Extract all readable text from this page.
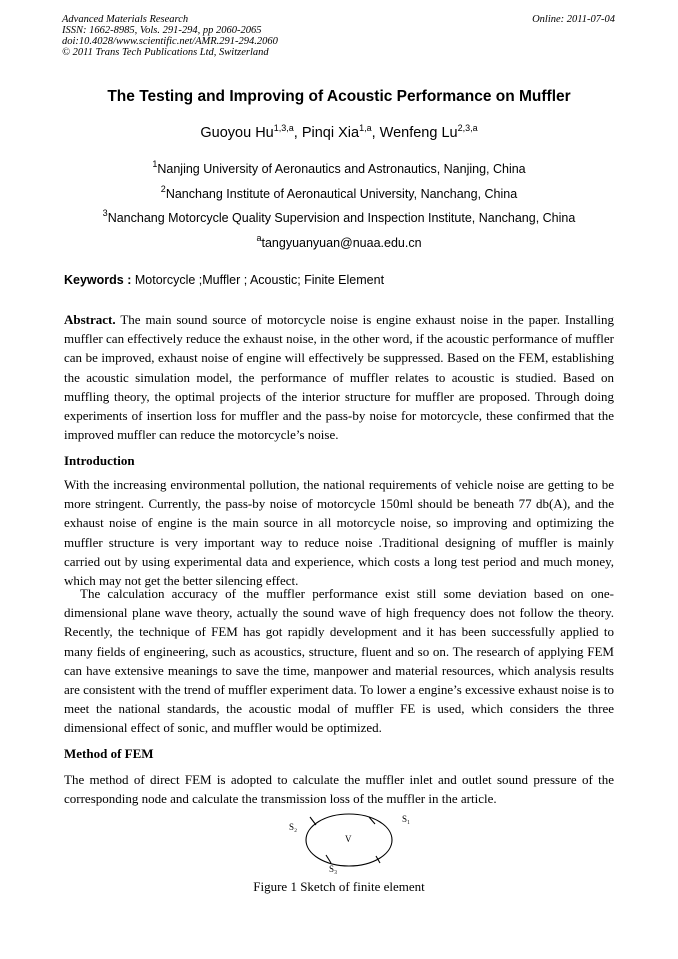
Advanced Materials Research
ISSN: 1662-8985, Vols. 291-294, pp 2060-2065
doi:10.4028/www.scientific.net/AMR.291-294.2060
© 2011 Trans Tech Publications Ltd, Switzerland
Online: 2011-07-04
The Testing and Improving of Acoustic Performance on Muffler
Guoyou Hu$^{1,3,a}$, Pinqi Xia$^{1,a}$, Wenfeng Lu$^{2,3,a}$
$^1$Nanjing University of Aeronautics and Astronautics, Nanjing, China
$^2$Nanchang Institute of Aeronautical University, Nanchang, China
$^3$Nanchang Motorcycle Quality Supervision and Inspection Institute, Nanchang, China
$^a$tangyuanyuan@nuaa.edu.cn
Keywords : Motorcycle ;Muffler ; Acoustic; Finite Element

Abstract. The main sound source of motorcycle noise is engine exhaust noise in the paper. Installing muffler can effectively reduce the exhaust noise, in the other word, if the acoustic performance of muffler can be improved, exhaust noise of engine will effectively be suppressed. Based on the FEM, establishing the acoustic simulation model, the performance of muffler relates to acoustic is studied. Based on muffling theory, the optimal projects of the interior structure for muffler are proposed. Through doing experiments of insertion loss for muffler and the pass-by noise for motorcycle, these confirmed that the improved muffler can reduce the motorcycle’s noise.

Introduction

With the increasing environmental pollution, the national requirements of vehicle noise are getting to be more stringent. Currently, the pass-by noise of motorcycle 150ml should be beneath 77 db(A), and the exhaust noise of engine is the main source in all motorcycle noise, so improving and optimizing the muffler structure is very important way to reduce noise .Traditional designing of muffler is mainly carried out by using experimental data and experience, which costs a long test period and much money, which may not get the better silencing effect.

The calculation accuracy of the muffler performance exist still some deviation based on one-dimensional plane wave theory, actually the sound wave of high frequency does not follow the theory. Recently, the technique of FEM has got rapidly development and it has been successfully applied to many fields of engineering, such as acoustics, structure, fluent and so on. The research of applying FEM can have extensive meanings to save the time, manpower and material resources, which analysis results are consistent with the trend of muffler experiment data. To lower a engine’s excessive exhaust noise is to meet the national standards, the acoustic modal of muffler FE is used, which considers the three dimensional effect of sonic, and muffler would be optimized.

Method of FEM

The method of direct FEM is adopted to calculate the muffler inlet and outlet sound pressure of the corresponding node and calculate the transmission loss of the muffler in the article.

S₁
S₂
S₃
V
Figure 1 Sketch of finite element
